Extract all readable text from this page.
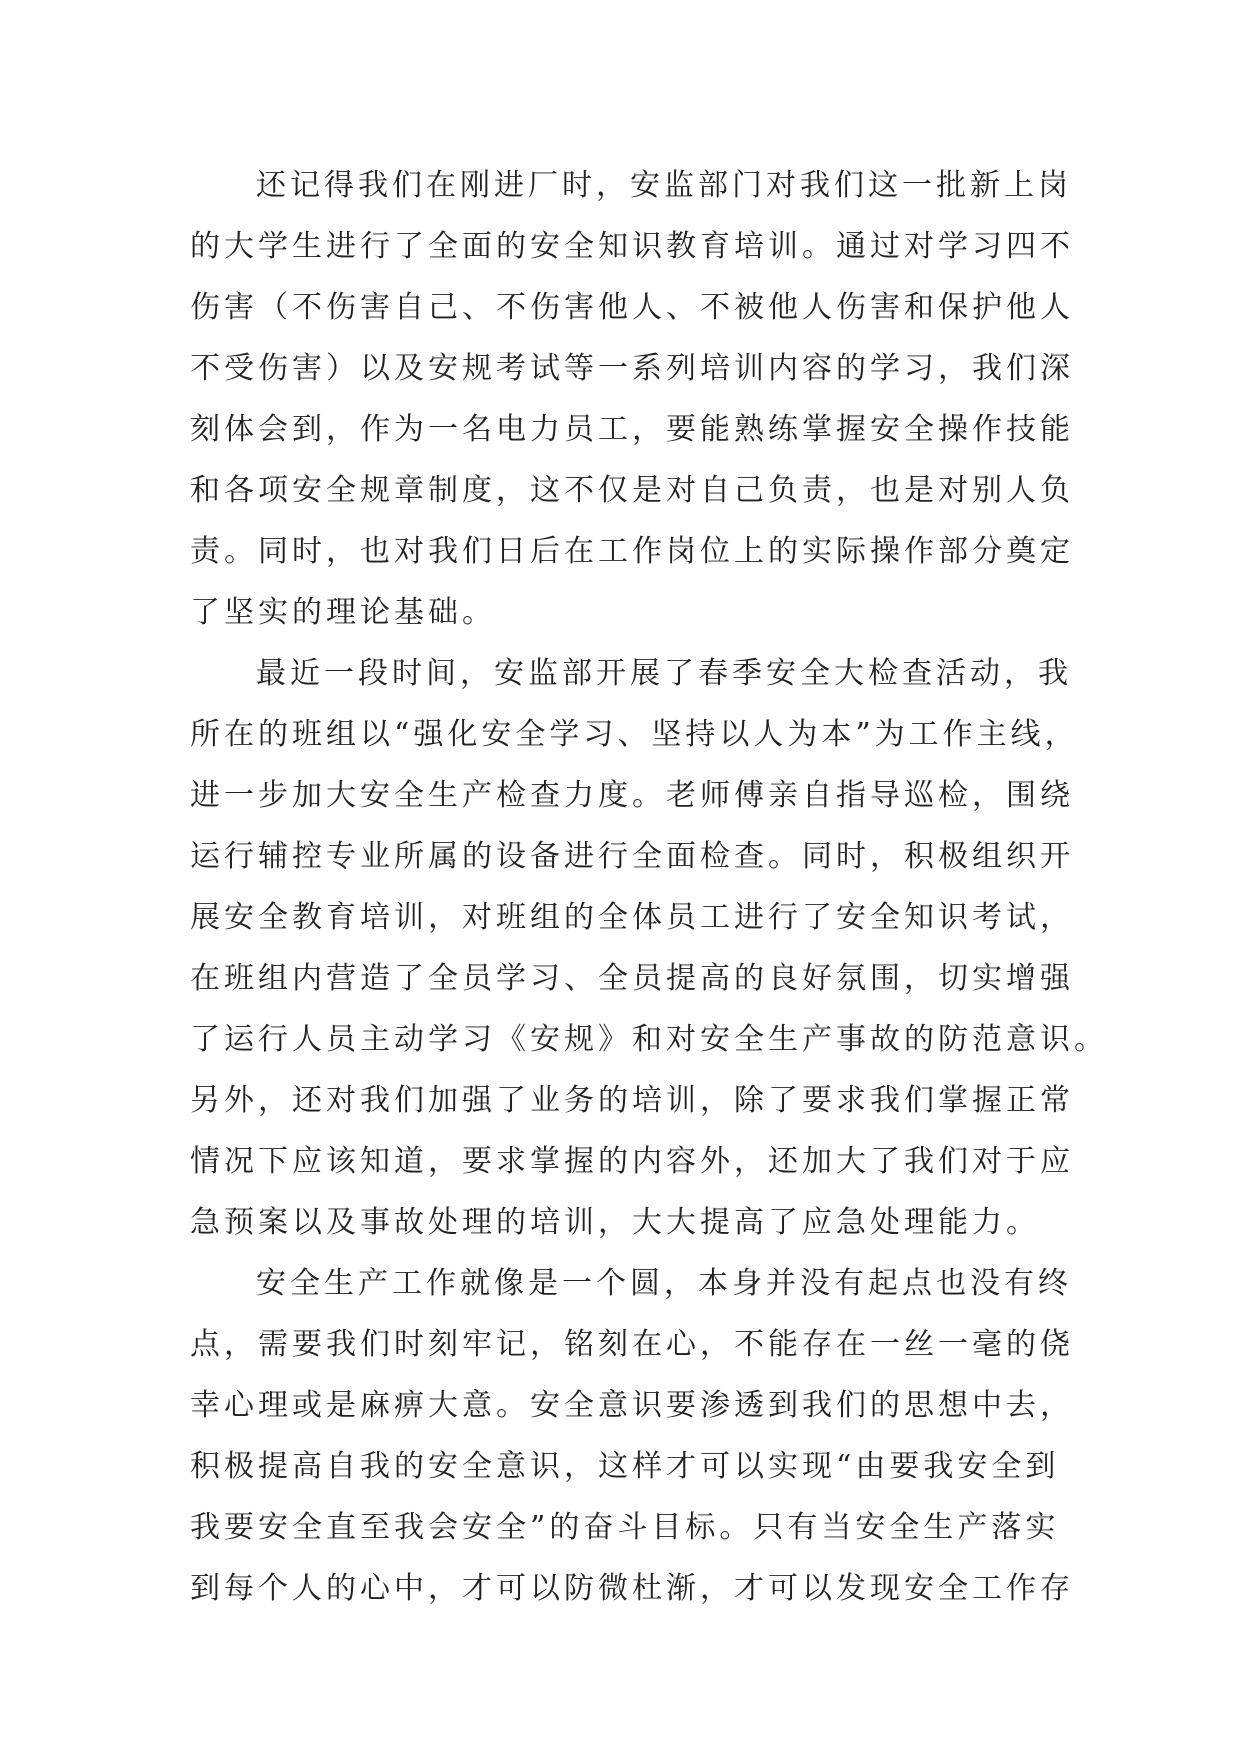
还记得我们在刚进厂时，安监部门对我们这一批新上岗
的大学生进行了全面的安全知识教育培训。通过对学习四不
伤害（不伤害自己、不伤害他人、不被他人伤害和保护他人
不受伤害）以及安规考试等一系列培训内容的学习，我们深
刻体会到，作为一名电力员工，要能熟练掌握安全操作技能
和各项安全规章制度，这不仅是对自己负责，也是对别人负
责。同时，也对我们日后在工作岗位上的实际操作部分奠定
了坚实的理论基础。
最近一段时间，安监部开展了春季安全大检查活动，我
所在的班组以“强化安全学习、坚持以人为本”为工作主线，
进一步加大安全生产检查力度。老师傅亲自指导巡检，围绕
运行辅控专业所属的设备进行全面检查。同时，积极组织开
展安全教育培训，对班组的全体员工进行了安全知识考试，
在班组内营造了全员学习、全员提高的良好氛围，切实增强
了运行人员主动学习《安规》和对安全生产事故的防范意识。
另外，还对我们加强了业务的培训，除了要求我们掌握正常
情况下应该知道，要求掌握的内容外，还加大了我们对于应
急预案以及事故处理的培训，大大提高了应急处理能力。
安全生产工作就像是一个圆，本身并没有起点也没有终
点，需要我们时刻牢记，铭刻在心，不能存在一丝一毫的侥
幸心理或是麻痹大意。安全意识要渗透到我们的思想中去，
积极提高自我的安全意识，这样才可以实现“由要我安全到
我要安全直至我会安全”的奋斗目标。只有当安全生产落实
到每个人的心中，才可以防微杜渐，才可以发现安全工作存
